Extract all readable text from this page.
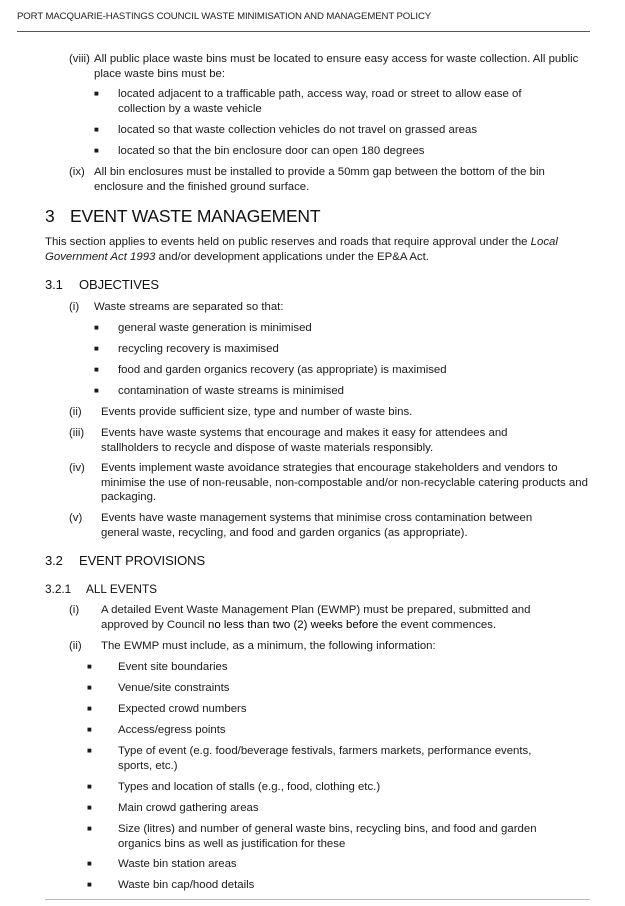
PORT MACQUARIE-HASTINGS COUNCIL WASTE MINIMISATION AND MANAGEMENT POLICY
(viii) All public place waste bins must be located to ensure easy access for waste collection. All public place waste bins must be:
■ located adjacent to a trafficable path, access way, road or street to allow ease of collection by a waste vehicle
■ located so that waste collection vehicles do not travel on grassed areas
■ located so that the bin enclosure door can open 180 degrees
(ix) All bin enclosures must be installed to provide a 50mm gap between the bottom of the bin enclosure and the finished ground surface.
3 EVENT WASTE MANAGEMENT
This section applies to events held on public reserves and roads that require approval under the Local Government Act 1993 and/or development applications under the EP&A Act.
3.1 OBJECTIVES
(i) Waste streams are separated so that:
■ general waste generation is minimised
■ recycling recovery is maximised
■ food and garden organics recovery (as appropriate) is maximised
■ contamination of waste streams is minimised
(ii) Events provide sufficient size, type and number of waste bins.
(iii) Events have waste systems that encourage and makes it easy for attendees and stallholders to recycle and dispose of waste materials responsibly.
(iv) Events implement waste avoidance strategies that encourage stakeholders and vendors to minimise the use of non-reusable, non-compostable and/or non-recyclable catering products and packaging.
(v) Events have waste management systems that minimise cross contamination between general waste, recycling, and food and garden organics (as appropriate).
3.2 EVENT PROVISIONS
3.2.1 ALL EVENTS
(i) A detailed Event Waste Management Plan (EWMP) must be prepared, submitted and approved by Council no less than two (2) weeks before the event commences.
(ii) The EWMP must include, as a minimum, the following information:
■ Event site boundaries
■ Venue/site constraints
■ Expected crowd numbers
■ Access/egress points
■ Type of event (e.g. food/beverage festivals, farmers markets, performance events, sports, etc.)
■ Types and location of stalls (e.g., food, clothing etc.)
■ Main crowd gathering areas
■ Size (litres) and number of general waste bins, recycling bins, and food and garden organics bins as well as justification for these
■ Waste bin station areas
■ Waste bin cap/hood details
